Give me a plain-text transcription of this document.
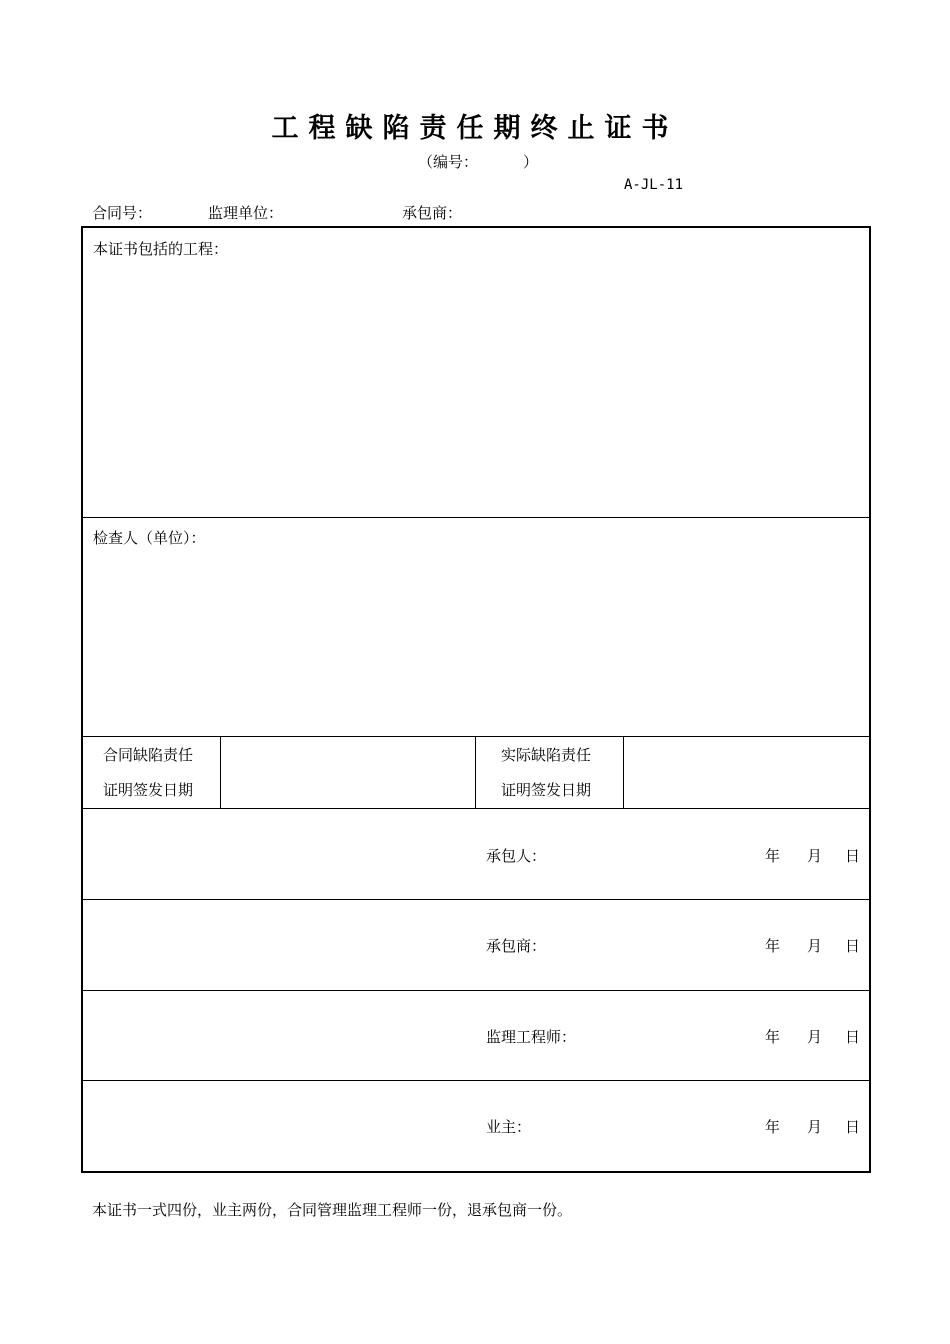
工程缺陷责任期终止证书
（编号：	）
A-JL-11
合同号：	监理单位：	承包商：
本证书包括的工程：
检查人（单位）：
合同缺陷责任
证明签发日期
实际缺陷责任
证明签发日期
承包人：	年 月 日
承包商：	年 月 日
监理工程师：	年 月 日
业主：	年 月 日
本证书一式四份，业主两份，合同管理监理工程师一份，退承包商一份。
